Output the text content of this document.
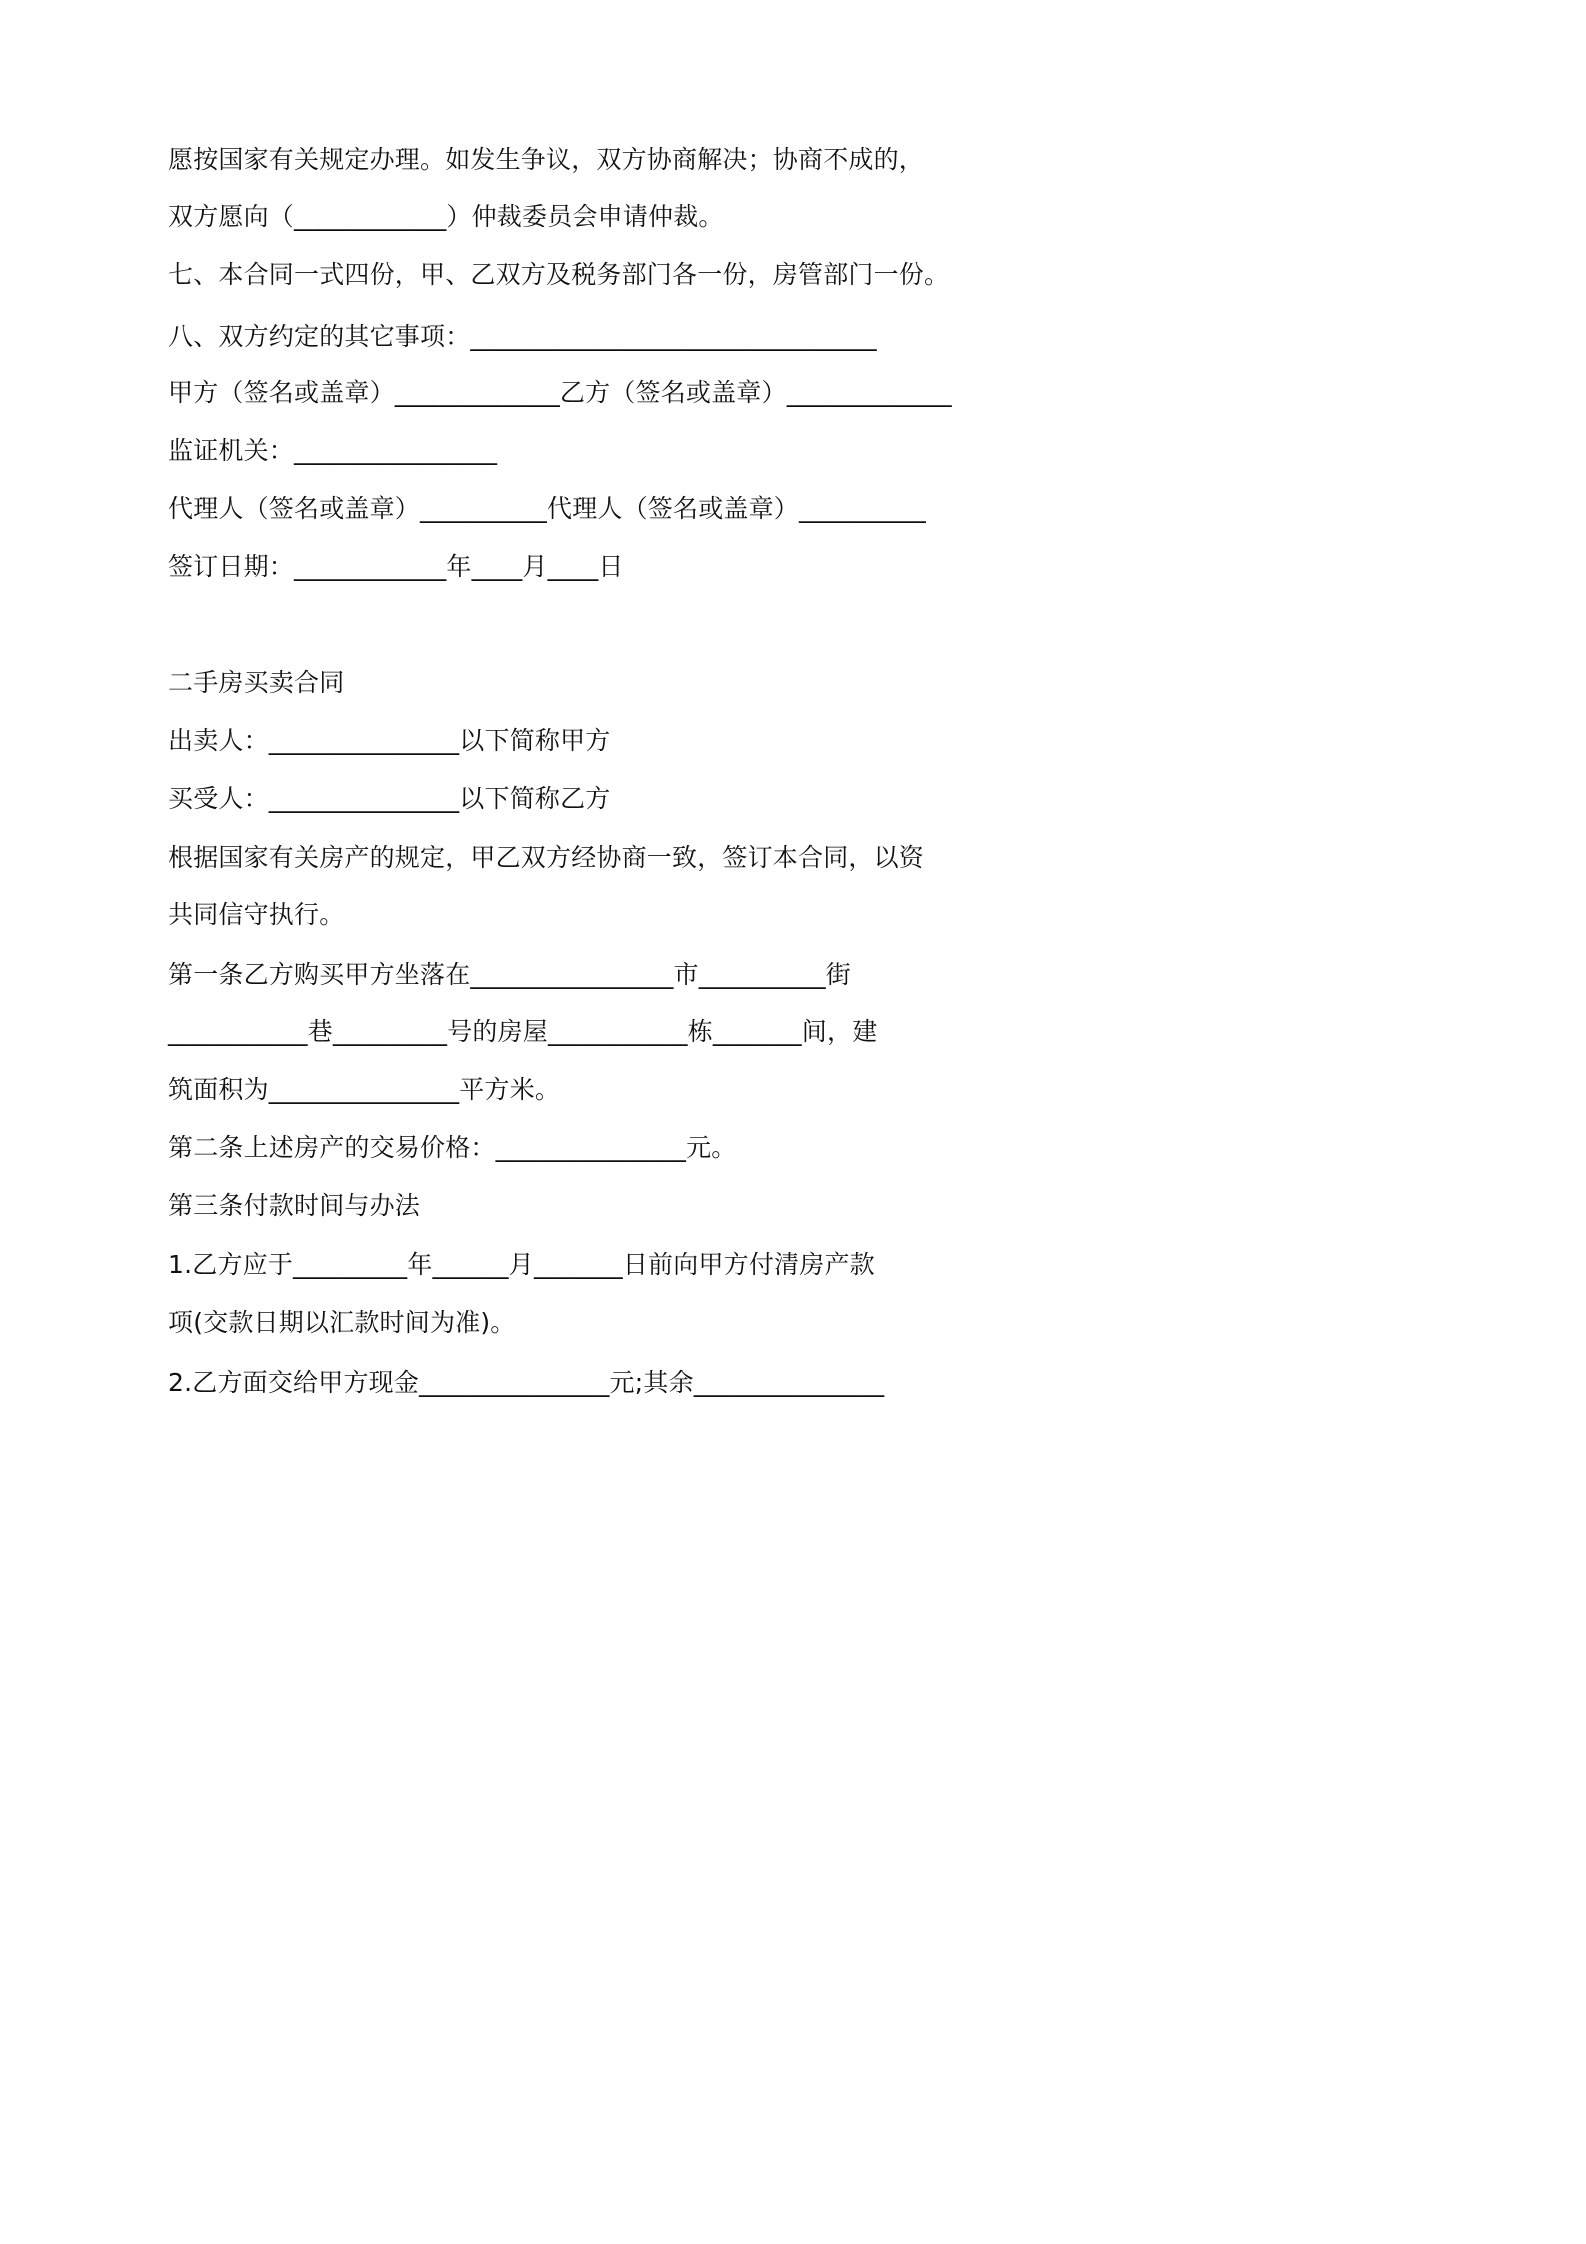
愿按国家有关规定办理。如发生争议，双方协商解决；协商不成的，
双方愿向（____________）仲裁委员会申请仲裁。
七、本合同一式四份，甲、乙双方及税务部门各一份，房管部门一份。
八、双方约定的其它事项：________________________________
甲方（签名或盖章）_____________乙方（签名或盖章）_____________
监证机关：________________
代理人（签名或盖章）__________代理人（签名或盖章）__________
签订日期：____________年____月____日
二手房买卖合同
出卖人：_______________以下简称甲方
买受人：_______________以下简称乙方
根据国家有关房产的规定，甲乙双方经协商一致，签订本合同，以资
共同信守执行。
第一条乙方购买甲方坐落在________________市__________街
___________巷_________号的房屋___________栋_______间，建
筑面积为_______________平方米。
第二条上述房产的交易价格：_______________元。
第三条付款时间与办法
1.乙方应于_________年______月_______日前向甲方付清房产款
项(交款日期以汇款时间为准)。
2.乙方面交给甲方现金_______________元;其余_______________
